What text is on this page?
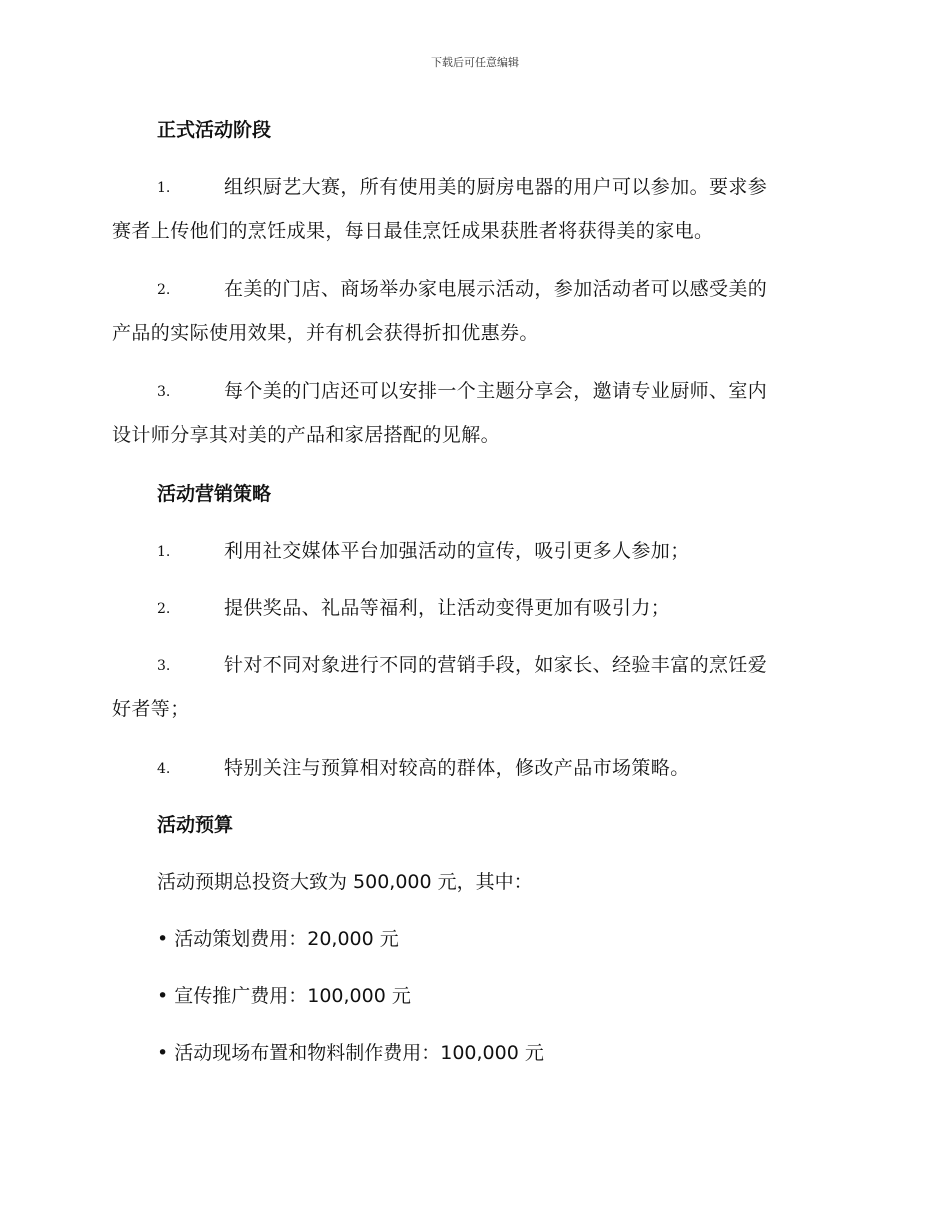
下载后可任意编辑
正式活动阶段
1.	组织厨艺大赛，所有使用美的厨房电器的用户可以参加。要求参
赛者上传他们的烹饪成果，每日最佳烹饪成果获胜者将获得美的家电。
2.	在美的门店、商场举办家电展示活动，参加活动者可以感受美的
产品的实际使用效果，并有机会获得折扣优惠券。
3.	每个美的门店还可以安排一个主题分享会，邀请专业厨师、室内
设计师分享其对美的产品和家居搭配的见解。
活动营销策略
1.	利用社交媒体平台加强活动的宣传，吸引更多人参加；
2.	提供奖品、礼品等福利，让活动变得更加有吸引力；
3.	针对不同对象进行不同的营销手段，如家长、经验丰富的烹饪爱
好者等；
4.	特别关注与预算相对较高的群体，修改产品市场策略。
活动预算
活动预期总投资大致为 500,000 元，其中：
• 活动策划费用：20,000 元
• 宣传推广费用：100,000 元
• 活动现场布置和物料制作费用：100,000 元
